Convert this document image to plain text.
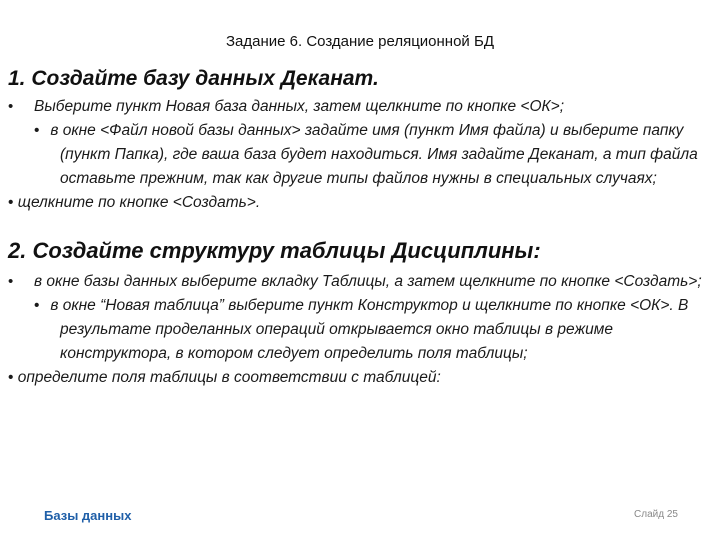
Задание 6. Создание реляционной БД
1. Создайте базу данных Деканат.

• Выберите пункт Новая база данных, затем щелкните по кнопке <ОК>;

• в окне <Файл новой базы данных> задайте имя (пункт Имя файла) и выберите папку (пункт Папка), где ваша база будет находиться. Имя задайте Деканат, а тип файла оставьте прежним, так как другие типы файлов нужны в специальных случаях;

• щелкните по кнопке <Создать>.

2. Создайте структуру таблицы Дисциплины:

• в окне базы данных выберите вкладку Таблицы, а затем щелкните по кнопке <Создать>;

• в окне “Новая таблица” выберите пункт Конструктор и щелкните по кнопке <ОК>. В результате проделанных операций открывается окно таблицы в режиме конструктора, в котором следует определить поля таблицы;

• определите поля таблицы в соответствии с таблицей:

Базы данных	Слайд 25
